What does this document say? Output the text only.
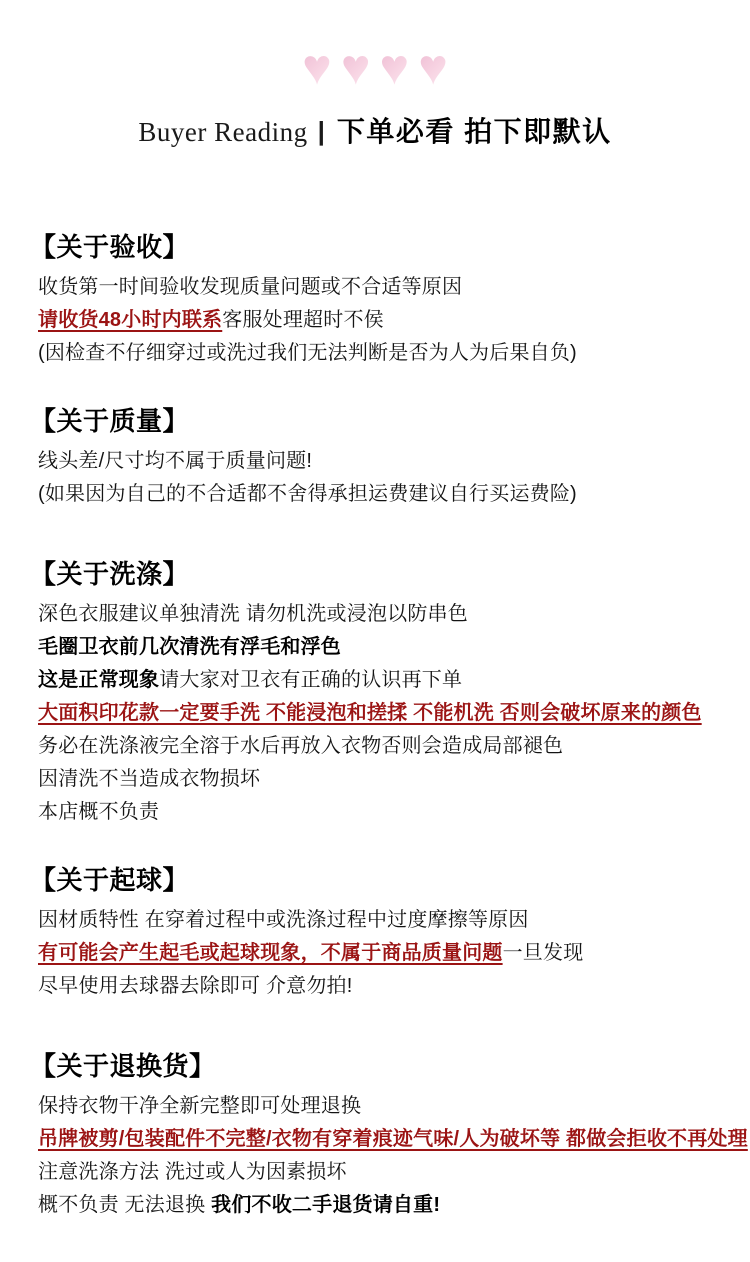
♥ ♥ ♥ ♥
Buyer Reading | 下单必看 拍下即默认
【关于验收】

收货第一时间验收发现质量问题或不合适等原因

请收货48小时内联系客服处理超时不侯

(因检查不仔细穿过或洗过我们无法判断是否为人为后果自负)

【关于质量】

线头差/尺寸均不属于质量问题!

(如果因为自己的不合适都不舍得承担运费建议自行买运费险)

【关于洗涤】

深色衣服建议单独清洗 请勿机洗或浸泡以防串色

毛圈卫衣前几次清洗有浮毛和浮色

这是正常现象请大家对卫衣有正确的认识再下单

大面积印花款一定要手洗 不能浸泡和搓揉 不能机洗 否则会破坏原来的颜色

务必在洗涤液完全溶于水后再放入衣物否则会造成局部褪色

因清洗不当造成衣物损坏

本店概不负责

【关于起球】

因材质特性 在穿着过程中或洗涤过程中过度摩擦等原因

有可能会产生起毛或起球现象，不属于商品质量问题一旦发现

尽早使用去球器去除即可 介意勿拍!

【关于退换货】

保持衣物干净全新完整即可处理退换

吊牌被剪/包装配件不完整/衣物有穿着痕迹气味/人为破坏等 都做会拒收不再处理

注意洗涤方法 洗过或人为因素损坏

概不负责 无法退换 我们不收二手退货请自重!
